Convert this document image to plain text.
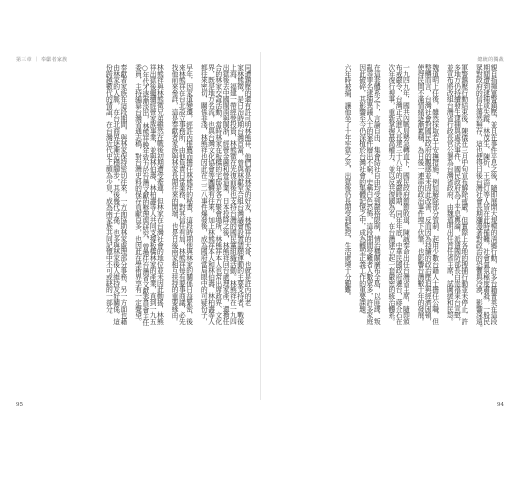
第三章 ｜ 奉獻者家族
同遭鎮壓的還有許可明林熊祥，他們都是林家的好友，林熊祥的大哥，也就是許丙的老
家林熊徵，是日治時期台灣首富，曾與林獻堂合組台灣議會設置請願運動的主要支持者，戰後
上海、福建一帶經營投資，林熊徵在光復前後也支持台灣的國民黨組織活動。林熊祥在一九四
出獄後去中國閩南與閩浙，經營金融和營造業，日本投降之後，林熊祥回台處理家產，還擔任
合的林家交誼活動，當時林家在板橋的宅邸是各方聚會場所，林熊祥本人也常出席政界、文化
界，既是地方名流，也與台灣文化協會等團體有往來，加上林熊祥本人和林伯壽、林柏壽等人
都往來密切，關係非淺，林熊祥也因此在二二八事件爆發後，成為國府當局眼中的可疑份子，
早年，因家道變遷，經許丙推薦而擔任林熊祥的秘書，這段時期他與林家的關係日益緊密，後
來林熊祥在台北設立事務所，由他負責日常業務，對其信任有加，林熊祥每有要事商議，必先
找他前來參詳，這是奉獻者家族與林家長期往來的開端，也是日後兩家相互扶持的重要緣由。
林熊祥與林熊徵兄弟雖然在戰後初期遭受牽連，但林家在台灣社會的地位並未因此動搖，林熊
祥出獄後繼續經營家族事業，並與林伯壽、林柏壽等人共同支撐板橋林家的產業，直到一九五
○年代才逐漸淡出，林熊祥晚年致力於台灣文獻的整理與研究，曾擔任台灣省文獻委員會主任
委員，主持編纂台灣省通志稿，對台灣史料的保存貢獻良多，也因此在學術界享有一定聲望。
奉獻者家族在這段期間，與林家保持密切往來，一方面協助林家處理部分事務，另一方面也藉
由林家的人脈，在台北商界逐漸站穩腳步，其後幾代子孫，也多與林家後人維持友好關係，這
份跨越數代的情誼，在台灣近代史上頗為少見，成為兩家族共同記憶中不可或缺的一部分。
95
總統的獨裁
親自指揮軍警鎮壓，並且在事件平息之後，隨即展開大規模的清鄉行動，許多台籍菁英在這段
期間遭到逮捕或失蹤，林茂生、陳炘、王添灯等人皆在此時罹難，社會氣氛極度肅殺，一般民
眾對政府的信任蕩然無存，這也使得日後台灣社會長期瀰漫著對政治的恐懼與冷漠，影響深遠。
軍警鎮壓行動結束後，陳儀在三月中旬宣布解除戒嚴，但實際上各地的搜捕行動並未停止，許
多地方仍持續發生逮捕與處決事件，國民政府為了平息輿論，派遣國防部長白崇禧來台宣慰，
並宣布將改組台灣省行政長官公署為台灣省政府，由魏道明出任首任省主席，試圖緩和民怨。
魏道明上任後，雖然採取若干安撫措施，例如解除部分管制、起用少數台籍人士擔任公職，但
整體而言，台灣社會對國民政府的觀感並未因此改善，反而因為持續的政治壓迫與經濟困頓，
使得民間不滿情緒逐漸累積，為日後一連串的政治事件埋下伏筆，也影響台灣數十年的發展。
一九四九年，國共內戰局勢急轉直下，國民政府節節敗退，陳誠奉命出任台灣省主席，隨即頒
布戒嚴令，台灣正式進入長達三十八年的戒嚴時期，同年年底，中華民國政府遷台，蔣介石在
次年復行視事，重新掌握最高權力，並以反共復國為名，在台灣建立起一套嚴密的統治體系。
在這套體系之下，言論自由、集會結社自由均受到嚴格限制，情治機關廣布全島，以匪諜、叛
亂等罪名逮捕異議人士的案件層出不窮，史稱白色恐怖，這段期間受難者人數眾多，許多家庭
因此破碎，其影響至今仍深植於台灣社會的集體記憶之中，成為轉型正義工作的重要課題。
六年時被捕，讓他坐了十年牢獄之災，出獄後仍長期受到監控，生活處境十分艱難。
94
